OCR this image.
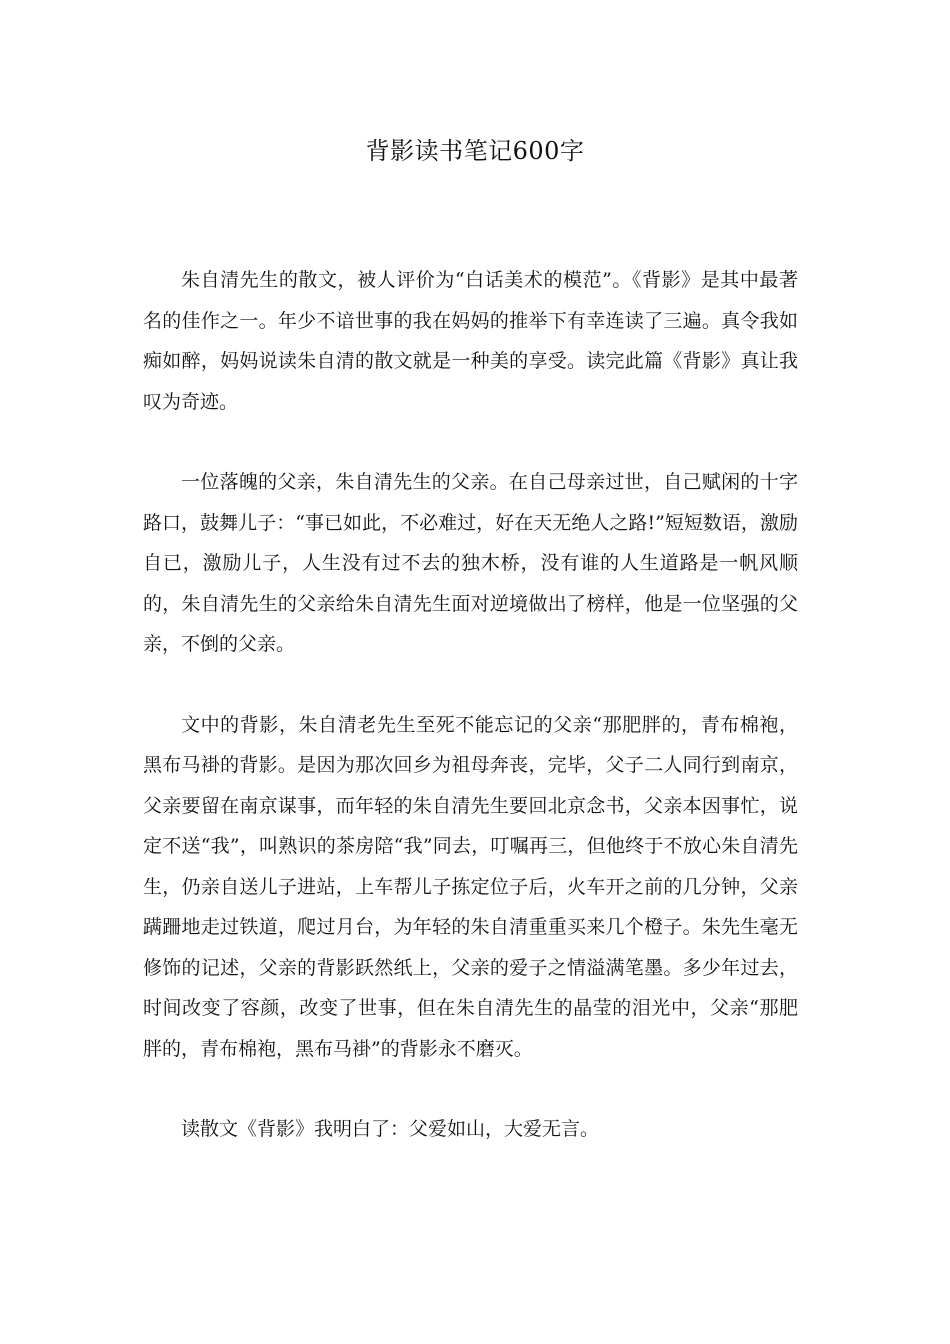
背影读书笔记600字

朱自清先生的散文，被人评价为“白话美术的模范”。《背影》是其中最著名的佳作之一。年少不谙世事的我在妈妈的推举下有幸连读了三遍。真令我如痴如醉，妈妈说读朱自清的散文就是一种美的享受。读完此篇《背影》真让我叹为奇迹。

一位落魄的父亲，朱自清先生的父亲。在自己母亲过世，自己赋闲的十字路口，鼓舞儿子：“事已如此，不必难过，好在天无绝人之路!”短短数语，激励自已，激励儿子，人生没有过不去的独木桥，没有谁的人生道路是一帆风顺的，朱自清先生的父亲给朱自清先生面对逆境做出了榜样，他是一位坚强的父亲，不倒的父亲。

文中的背影，朱自清老先生至死不能忘记的父亲“那肥胖的，青布棉袍，黑布马褂的背影。是因为那次回乡为祖母奔丧，完毕，父子二人同行到南京，父亲要留在南京谋事，而年轻的朱自清先生要回北京念书，父亲本因事忙，说定不送“我”，叫熟识的茶房陪“我”同去，叮嘱再三，但他终于不放心朱自清先生，仍亲自送儿子进站，上车帮儿子拣定位子后，火车开之前的几分钟，父亲蹒跚地走过铁道，爬过月台，为年轻的朱自清重重买来几个橙子。朱先生毫无修饰的记述，父亲的背影跃然纸上，父亲的爱子之情溢满笔墨。多少年过去，时间改变了容颜，改变了世事，但在朱自清先生的晶莹的泪光中，父亲“那肥胖的，青布棉袍，黑布马褂”的背影永不磨灭。

读散文《背影》我明白了：父爱如山，大爱无言。
